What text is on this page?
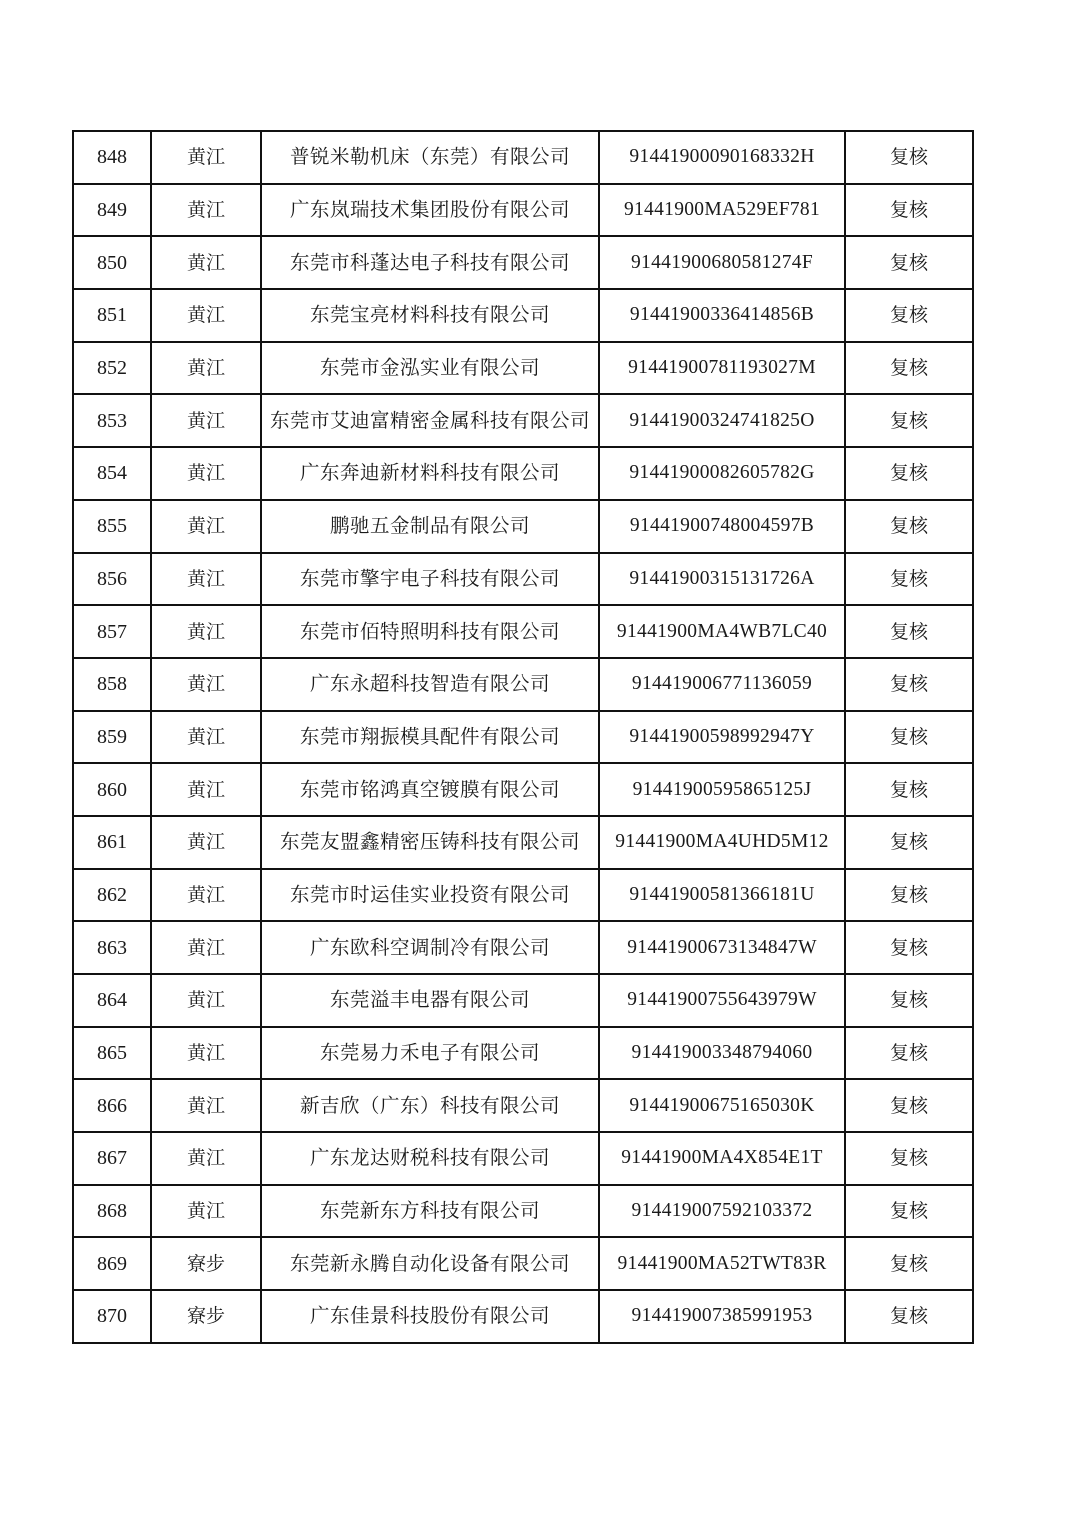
848	黄江	普锐米勒机床（东莞）有限公司	91441900090168332H	复核
849	黄江	广东岚瑞技术集团股份有限公司	91441900MA529EF781	复核
850	黄江	东莞市科蓬达电子科技有限公司	91441900680581274F	复核
851	黄江	东莞宝亮材料科技有限公司	91441900336414856B	复核
852	黄江	东莞市金泓实业有限公司	91441900781193027M	复核
853	黄江	东莞市艾迪富精密金属科技有限公司	91441900324741825O	复核
854	黄江	广东奔迪新材料科技有限公司	91441900082605782G	复核
855	黄江	鹏驰五金制品有限公司	91441900748004597B	复核
856	黄江	东莞市擎宇电子科技有限公司	91441900315131726A	复核
857	黄江	东莞市佰特照明科技有限公司	91441900MA4WB7LC40	复核
858	黄江	广东永超科技智造有限公司	91441900677113605​9	复核
859	黄江	东莞市翔振模具配件有限公司	91441900598992947Y	复核
860	黄江	东莞市铭鸿真空镀膜有限公司	91441900595865125J	复核
861	黄江	东莞友盟鑫精密压铸科技有限公司	91441900MA4UHD5M12	复核
862	黄江	东莞市时运佳实业投资有限公司	91441900581366181U	复核
863	黄江	广东欧科空调制冷有限公司	91441900673134847W	复核
864	黄江	东莞溢丰电器有限公司	91441900755643979W	复核
865	黄江	东莞易力禾电子有限公司	914419003348794060	复核
866	黄江	新吉欣（广东）科技有限公司	91441900675165030K	复核
867	黄江	广东龙达财税科技有限公司	91441900MA4X854E1T	复核
868	黄江	东莞新东方科技有限公司	914419007592103372	复核
869	寮步	东莞新永腾自动化设备有限公司	91441900MA52TWT83R	复核
870	寮步	广东佳景科技股份有限公司	914419007385991953	复核
